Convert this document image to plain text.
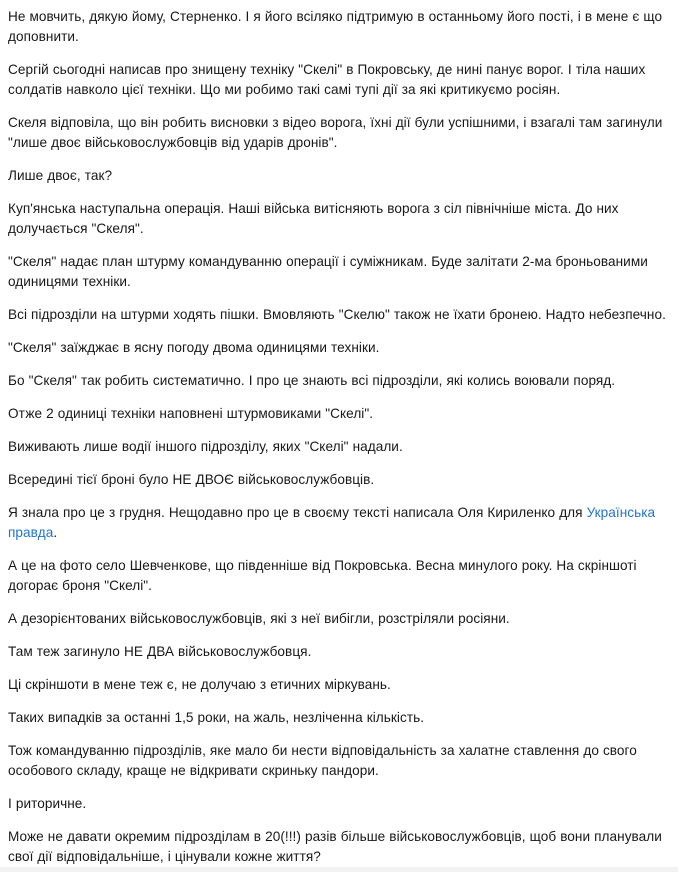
Не мовчить, дякую йому, Стерненко. І я його всіляко підтримую в останньому його пості, і в мене є що доповнити.

Сергій сьогодні написав про знищену техніку "Скелі" в Покровську, де нині панує ворог. І тіла наших солдатів навколо цієї техніки. Що ми робимо такі самі тупі дії за які критикуємо росіян.

Скеля відповіла, що він робить висновки з відео ворога, їхні дії були успішними, і взагалі там загинули "лише двоє військовослужбовців від ударів дронів".

Лише двоє, так?

Куп'янська наступальна операція. Наші війська витісняють ворога з сіл північніше міста. До них долучається "Скеля".

"Скеля" надає план штурму командуванню операції і суміжникам. Буде залітати 2-ма броньованими одиницями техніки.

Всі підрозділи на штурми ходять пішки. Вмовляють "Скелю" також не їхати бронею. Надто небезпечно.

"Скеля" заїжджає в ясну погоду двома одиницями техніки.

Бо "Скеля" так робить систематично. І про це знають всі підрозділи, які колись воювали поряд.

Отже 2 одиниці техніки наповнені штурмовиками "Скелі".

Виживають лише водії іншого підрозділу, яких "Скелі" надали.

Всередині тієї броні було НЕ ДВОЄ військовослужбовців.

Я знала про це з грудня. Нещодавно про це в своєму тексті написала Оля Кириленко для Українська правда.

А це на фото село Шевченкове, що південніше від Покровська. Весна минулого року. На скріншоті догорає броня "Скелі".

А дезорієнтованих військовослужбовців, які з неї вибігли, розстріляли росіяни.

Там теж загинуло НЕ ДВА військовослужбовця.

Ці скріншоти в мене теж є, не долучаю з етичних міркувань.

Таких випадків за останні 1,5 роки, на жаль, незліченна кількість.

Тож командуванню підрозділів, яке мало би нести відповідальність за халатне ставлення до свого особового складу, краще не відкривати скриньку пандори.

І риторичне.

Може не давати окремим підрозділам в 20(!!!) разів більше військовослужбовців, щоб вони планували свої дії відповідальніше, і цінували кожне життя?
